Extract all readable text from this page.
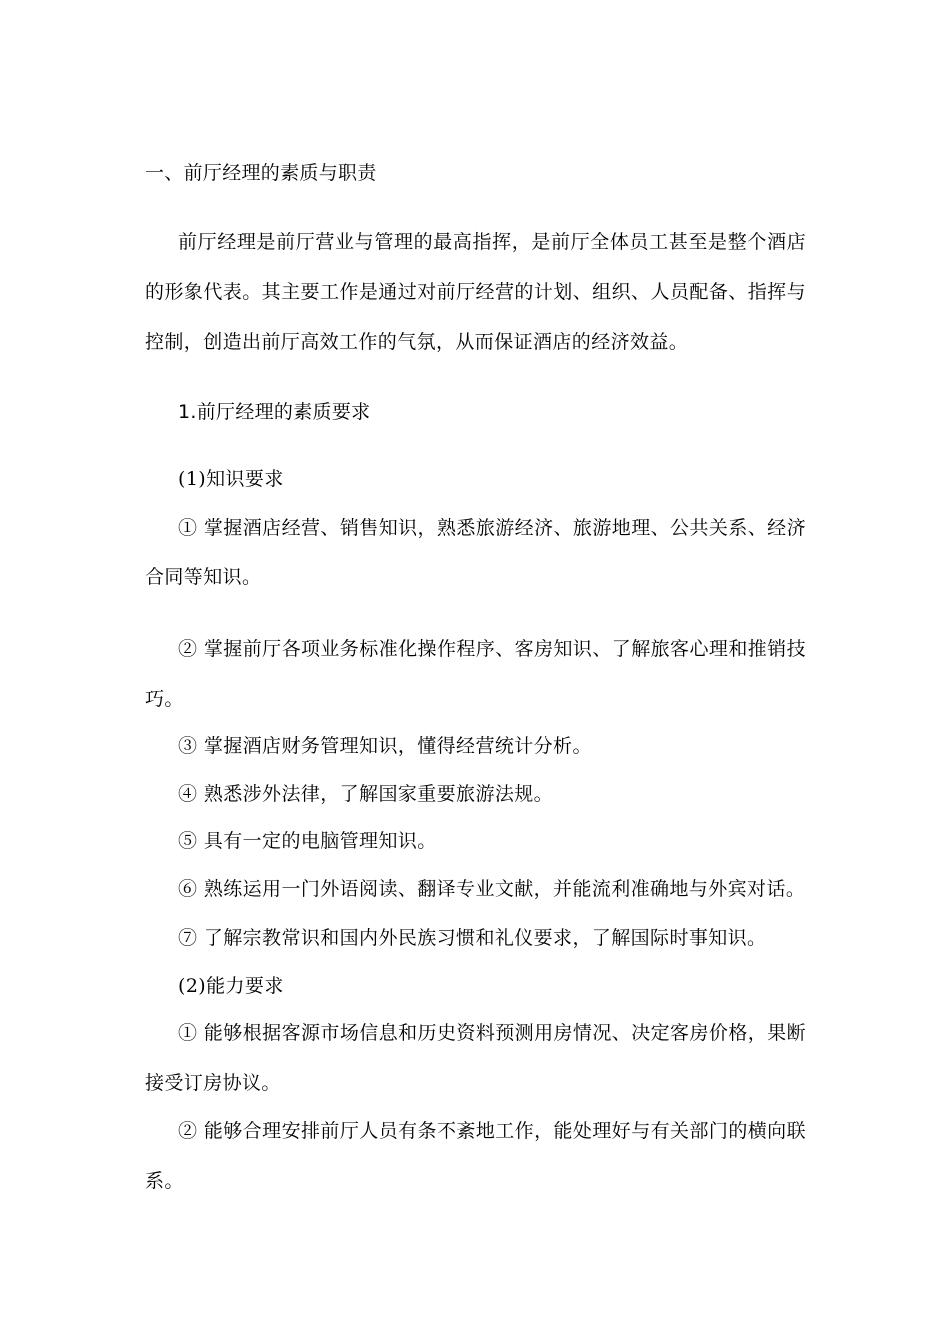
一、前厅经理的素质与职责
前厅经理是前厅营业与管理的最高指挥，是前厅全体员工甚至是整个酒店
的形象代表。其主要工作是通过对前厅经营的计划、组织、人员配备、指挥与
控制，创造出前厅高效工作的气氛，从而保证酒店的经济效益。
1.前厅经理的素质要求
(1)知识要求
① 掌握酒店经营、销售知识，熟悉旅游经济、旅游地理、公共关系、经济
合同等知识。
② 掌握前厅各项业务标准化操作程序、客房知识、了解旅客心理和推销技
巧。
③ 掌握酒店财务管理知识，懂得经营统计分析。
④ 熟悉涉外法律，了解国家重要旅游法规。
⑤ 具有一定的电脑管理知识。
⑥ 熟练运用一门外语阅读、翻译专业文献，并能流利准确地与外宾对话。
⑦ 了解宗教常识和国内外民族习惯和礼仪要求，了解国际时事知识。
(2)能力要求
① 能够根据客源市场信息和历史资料预测用房情况、决定客房价格，果断
接受订房协议。
② 能够合理安排前厅人员有条不紊地工作，能处理好与有关部门的横向联
系。
